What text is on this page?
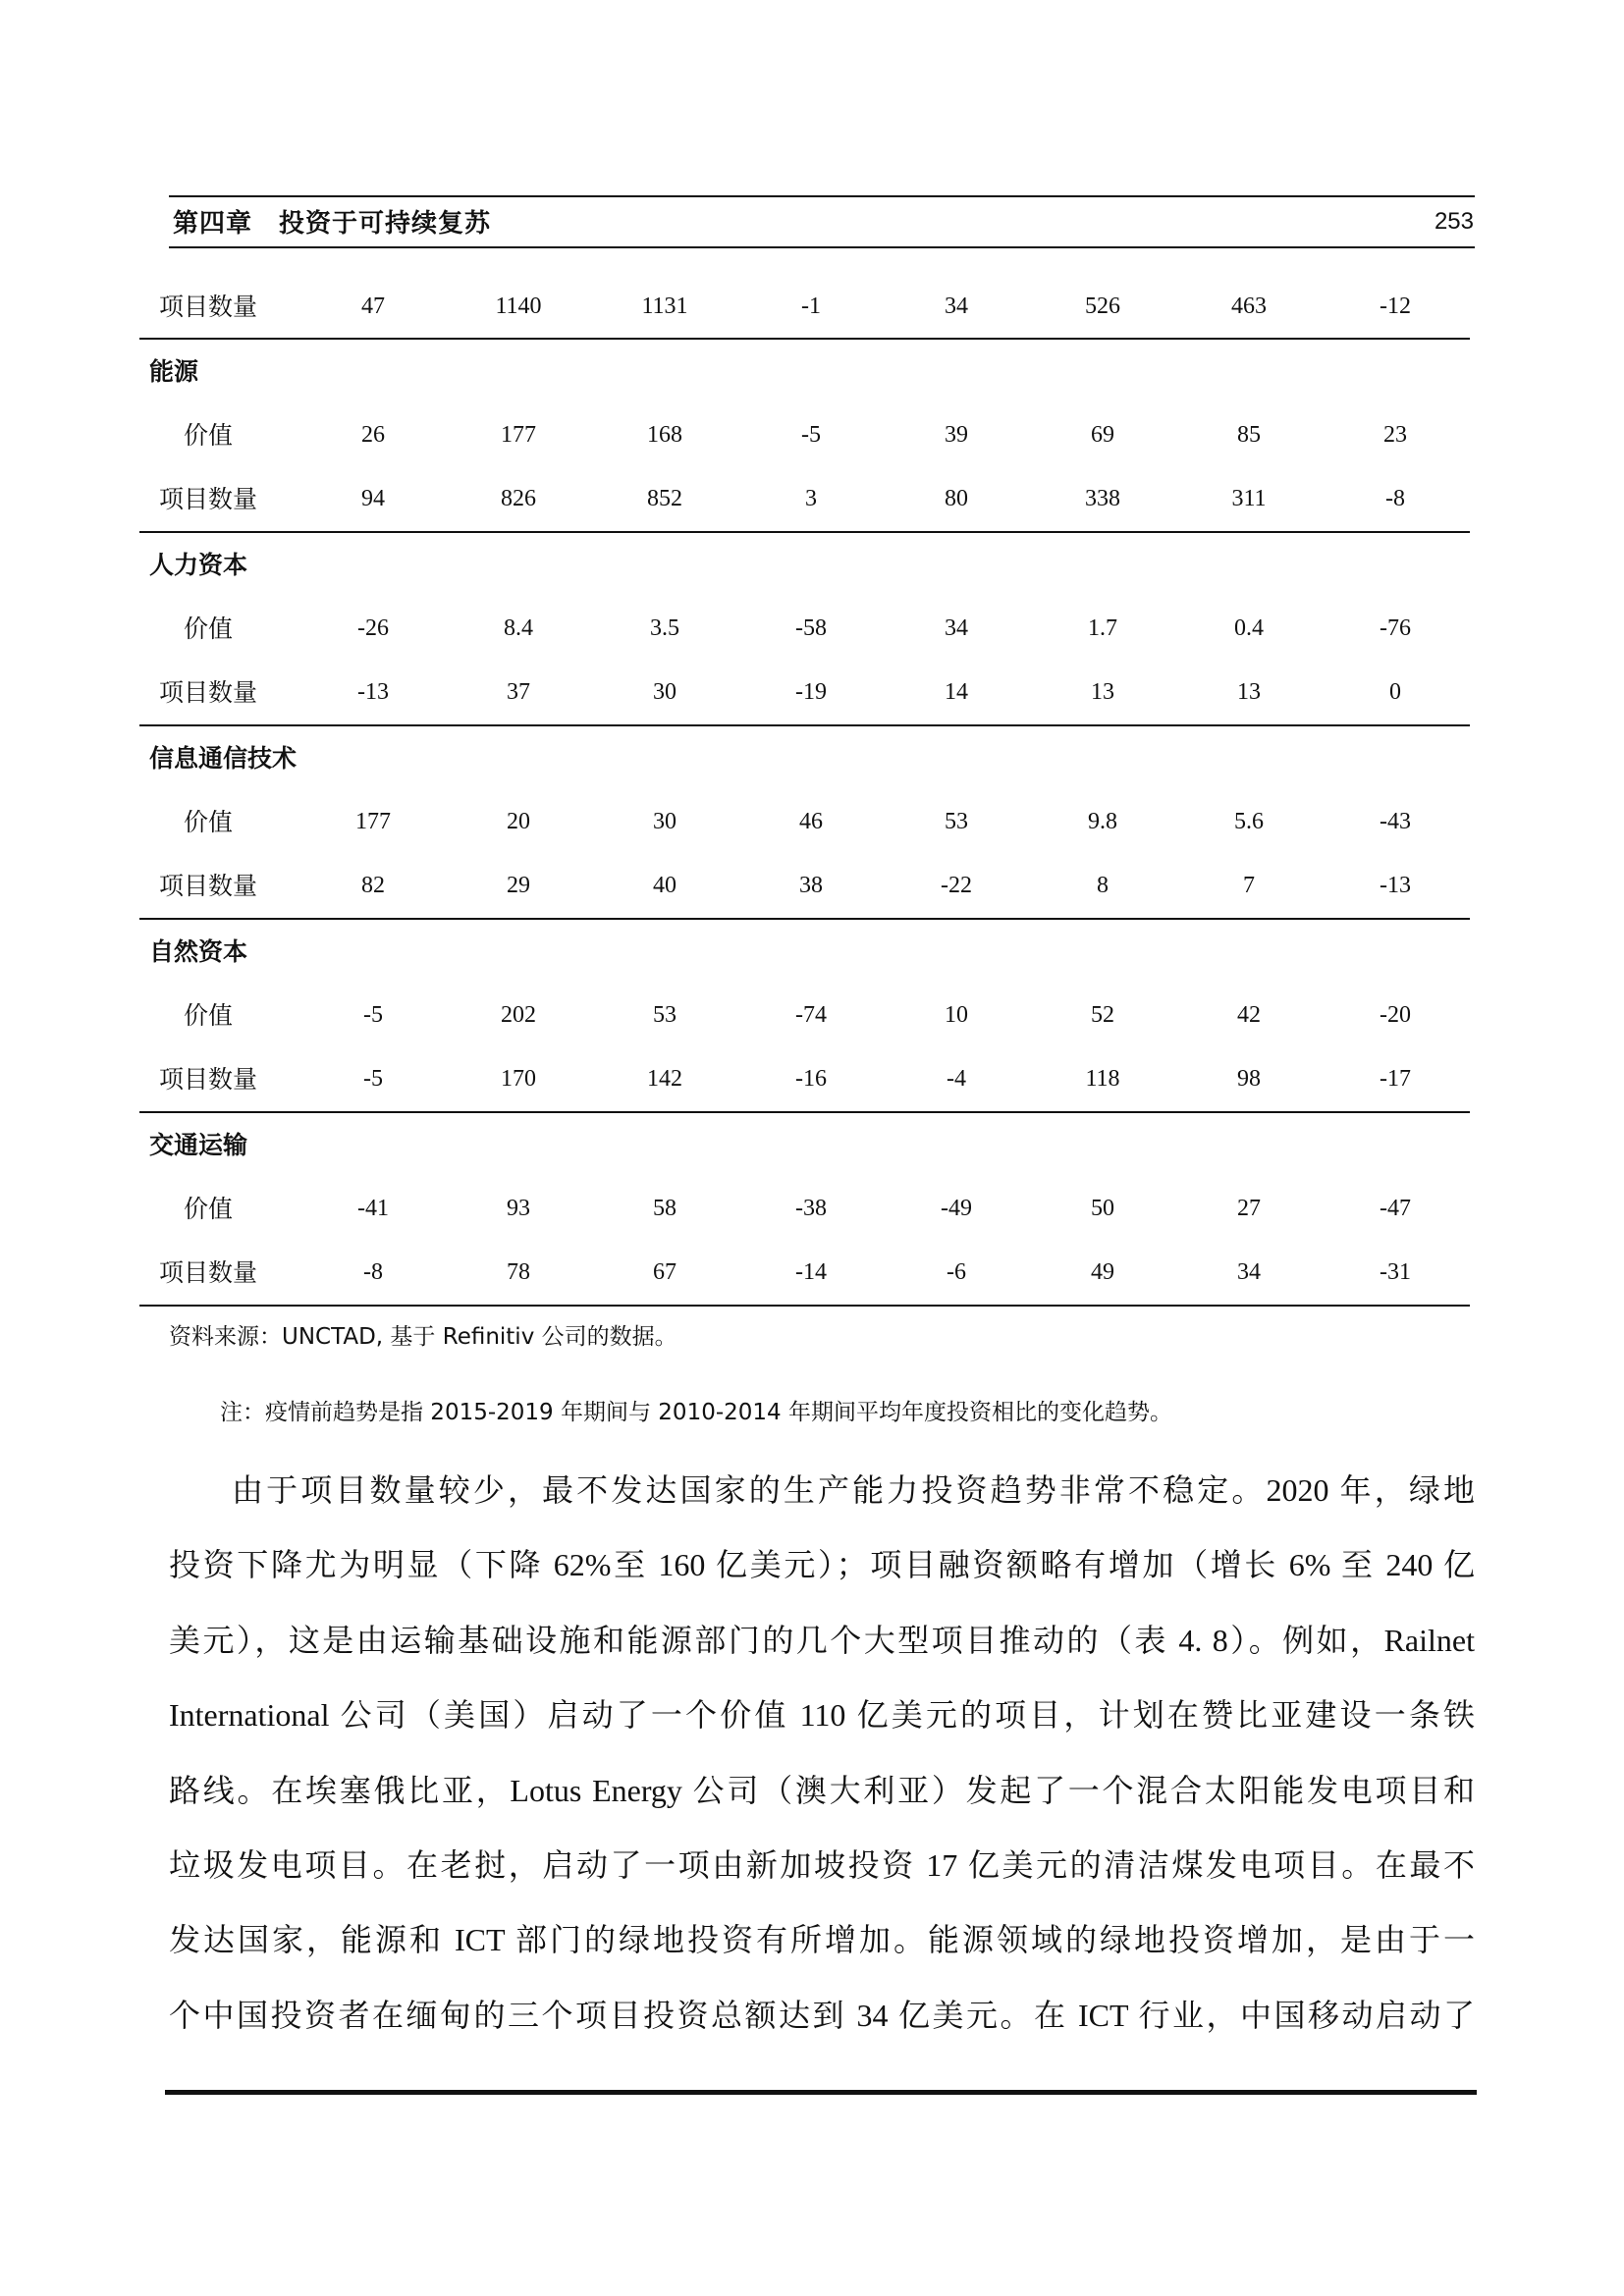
第四章　投资于可持续复苏	253
项目数量	47	1140	1131	-1	34	526	463	-12
能源
价值	26	177	168	-5	39	69	85	23
项目数量	94	826	852	3	80	338	311	-8
人力资本
价值	-26	8.4	3.5	-58	34	1.7	0.4	-76
项目数量	-13	37	30	-19	14	13	13	0
信息通信技术
价值	177	20	30	46	53	9.8	5.6	-43
项目数量	82	29	40	38	-22	8	7	-13
自然资本
价值	-5	202	53	-74	10	52	42	-20
项目数量	-5	170	142	-16	-4	118	98	-17
交通运输
价值	-41	93	58	-38	-49	50	27	-47
项目数量	-8	78	67	-14	-6	49	34	-31
资料来源：UNCTAD, 基于 Refinitiv 公司的数据。
注：疫情前趋势是指 2015-2019 年期间与 2010-2014 年期间平均年度投资相比的变化趋势。
由于项目数量较少，最不发达国家的生产能力投资趋势非常不稳定。2020 年，绿地
投资下降尤为明显（下降 62%至 160 亿美元）；项目融资额略有增加（增长 6% 至 240 亿
美元），这是由运输基础设施和能源部门的几个大型项目推动的（表 4. 8）。例如，Railnet
International 公司（美国）启动了一个价值 110 亿美元的项目，计划在赞比亚建设一条铁
路线。在埃塞俄比亚，Lotus Energy 公司（澳大利亚）发起了一个混合太阳能发电项目和
垃圾发电项目。在老挝，启动了一项由新加坡投资 17 亿美元的清洁煤发电项目。在最不
发达国家，能源和 ICT 部门的绿地投资有所增加。能源领域的绿地投资增加，是由于一
个中国投资者在缅甸的三个项目投资总额达到 34 亿美元。在 ICT 行业，中国移动启动了
